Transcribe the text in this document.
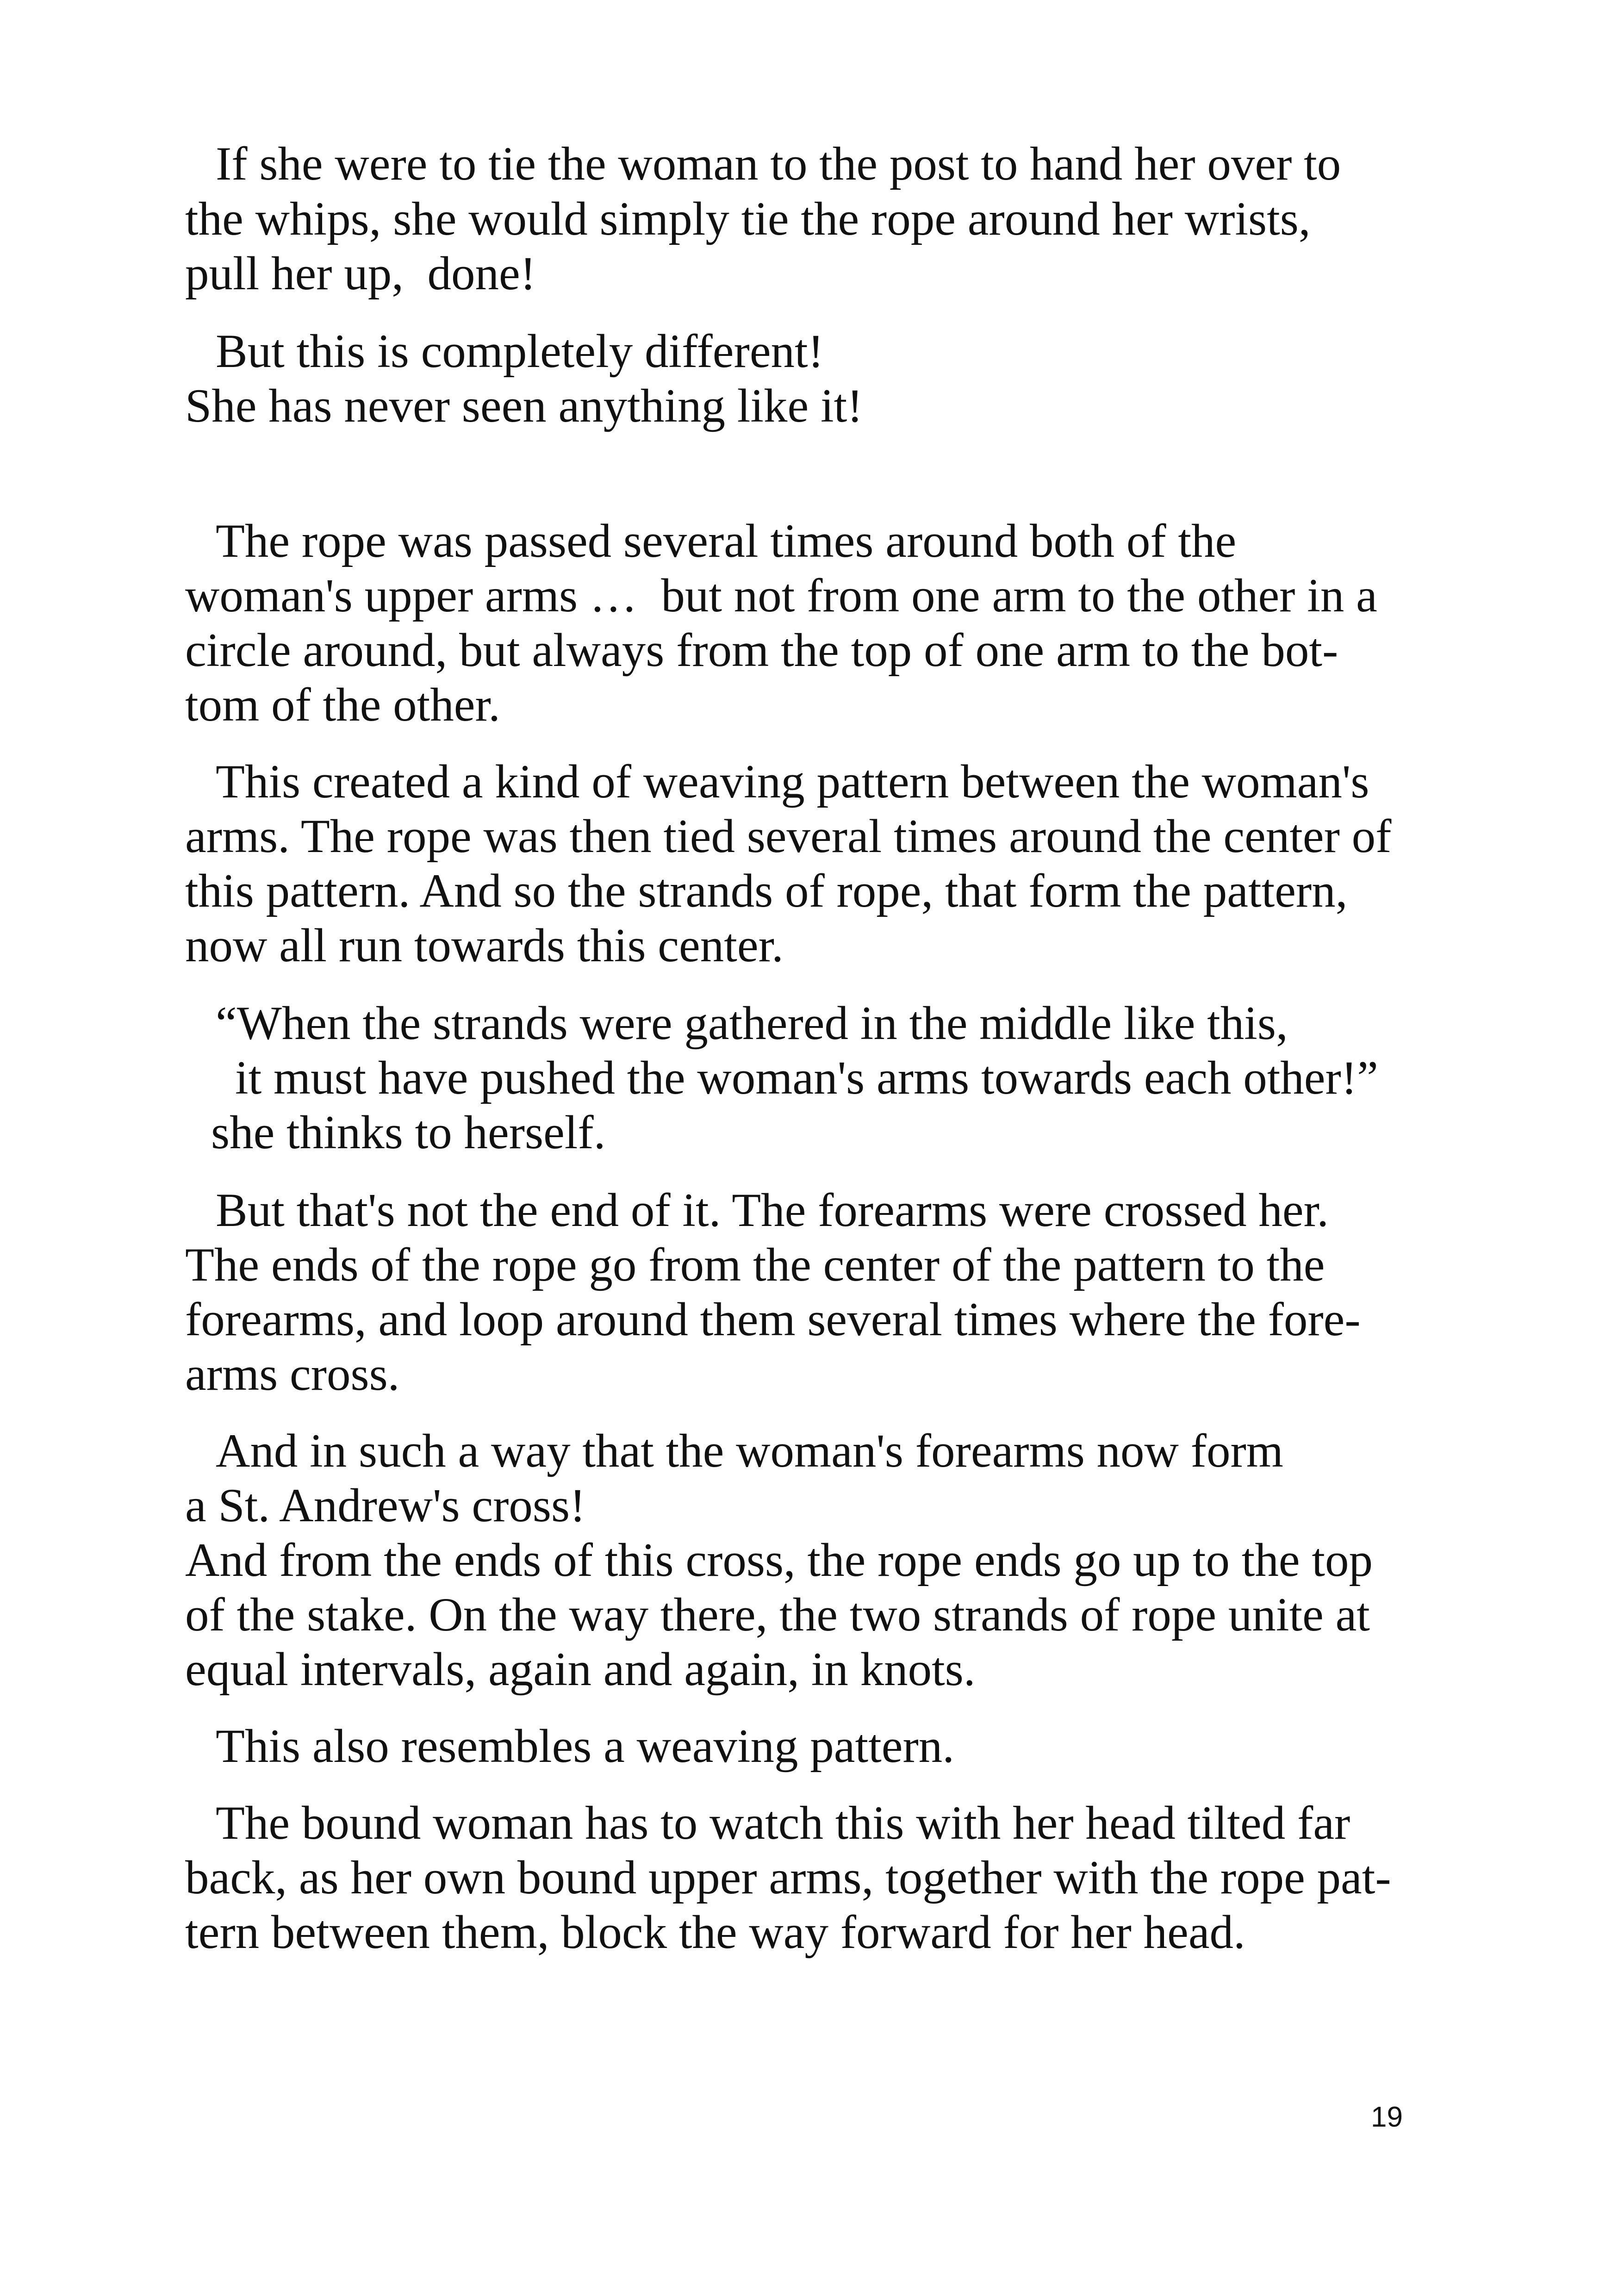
If she were to tie the woman to the post to hand her over to

the whips, she would simply tie the rope around her wrists,

pull her up,  done!

But this is completely different!

She has never seen anything like it!

The rope was passed several times around both of the

woman's upper arms …  but not from one arm to the other in a

circle around, but always from the top of one arm to the bot-

tom of the other.

This created a kind of weaving pattern between the woman's

arms. The rope was then tied several times around the center of

this pattern. And so the strands of rope, that form the pattern,

now all run towards this center.

“When the strands were gathered in the middle like this,

it must have pushed the woman's arms towards each other!”

she thinks to herself.

But that's not the end of it. The forearms were crossed her.

The ends of the rope go from the center of the pattern to the

forearms, and loop around them several times where the fore-

arms cross.

And in such a way that the woman's forearms now form

a St. Andrew's cross!

And from the ends of this cross, the rope ends go up to the top

of the stake. On the way there, the two strands of rope unite at

equal intervals, again and again, in knots.

This also resembles a weaving pattern.

The bound woman has to watch this with her head tilted far

back, as her own bound upper arms, together with the rope pat-

tern between them, block the way forward for her head.

19
